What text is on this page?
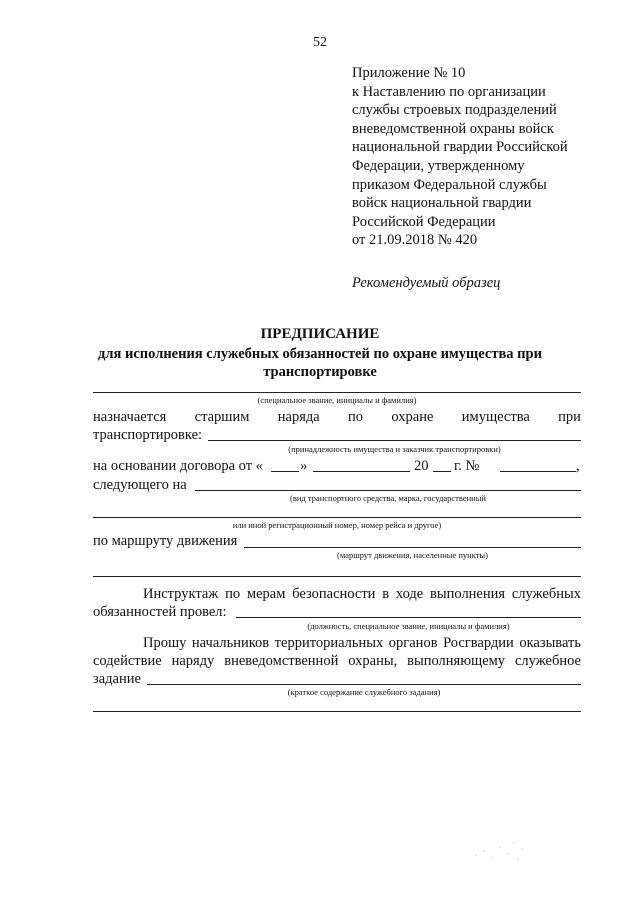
52
Приложение № 10
к Наставлению по организации
службы строевых подразделений
вневедомственной охраны войск
национальной гвардии Российской
Федерации, утвержденному
приказом Федеральной службы
войск национальной гвардии
Российской Федерации
от 21.09.2018 № 420
Рекомендуемый образец
ПРЕДПИСАНИЕ
для исполнения служебных обязанностей по охране имущества при
транспортировке
(специальное звание, инициалы и фамилия)
назначается старшим наряда по охране имущества при
транспортировке:
(принадлежность имущества и заказчик транспортировки)
на основании договора от «	»	20 г. №	,
следующего на
(вид транспортного средства, марка, государственный
или иной регистрационный номер, номер рейса и другое)
по маршруту движения
(маршрут движения, населенные пункты)
Инструктаж по мерам безопасности в ходе выполнения служебных
обязанностей провел:
(должность, специальное звание, инициалы и фамилия)
Прошу начальников территориальных органов Росгвардии оказывать
содействие наряду вневедомственной охраны, выполняющему служебное
задание
(краткое содержание служебного задания)
